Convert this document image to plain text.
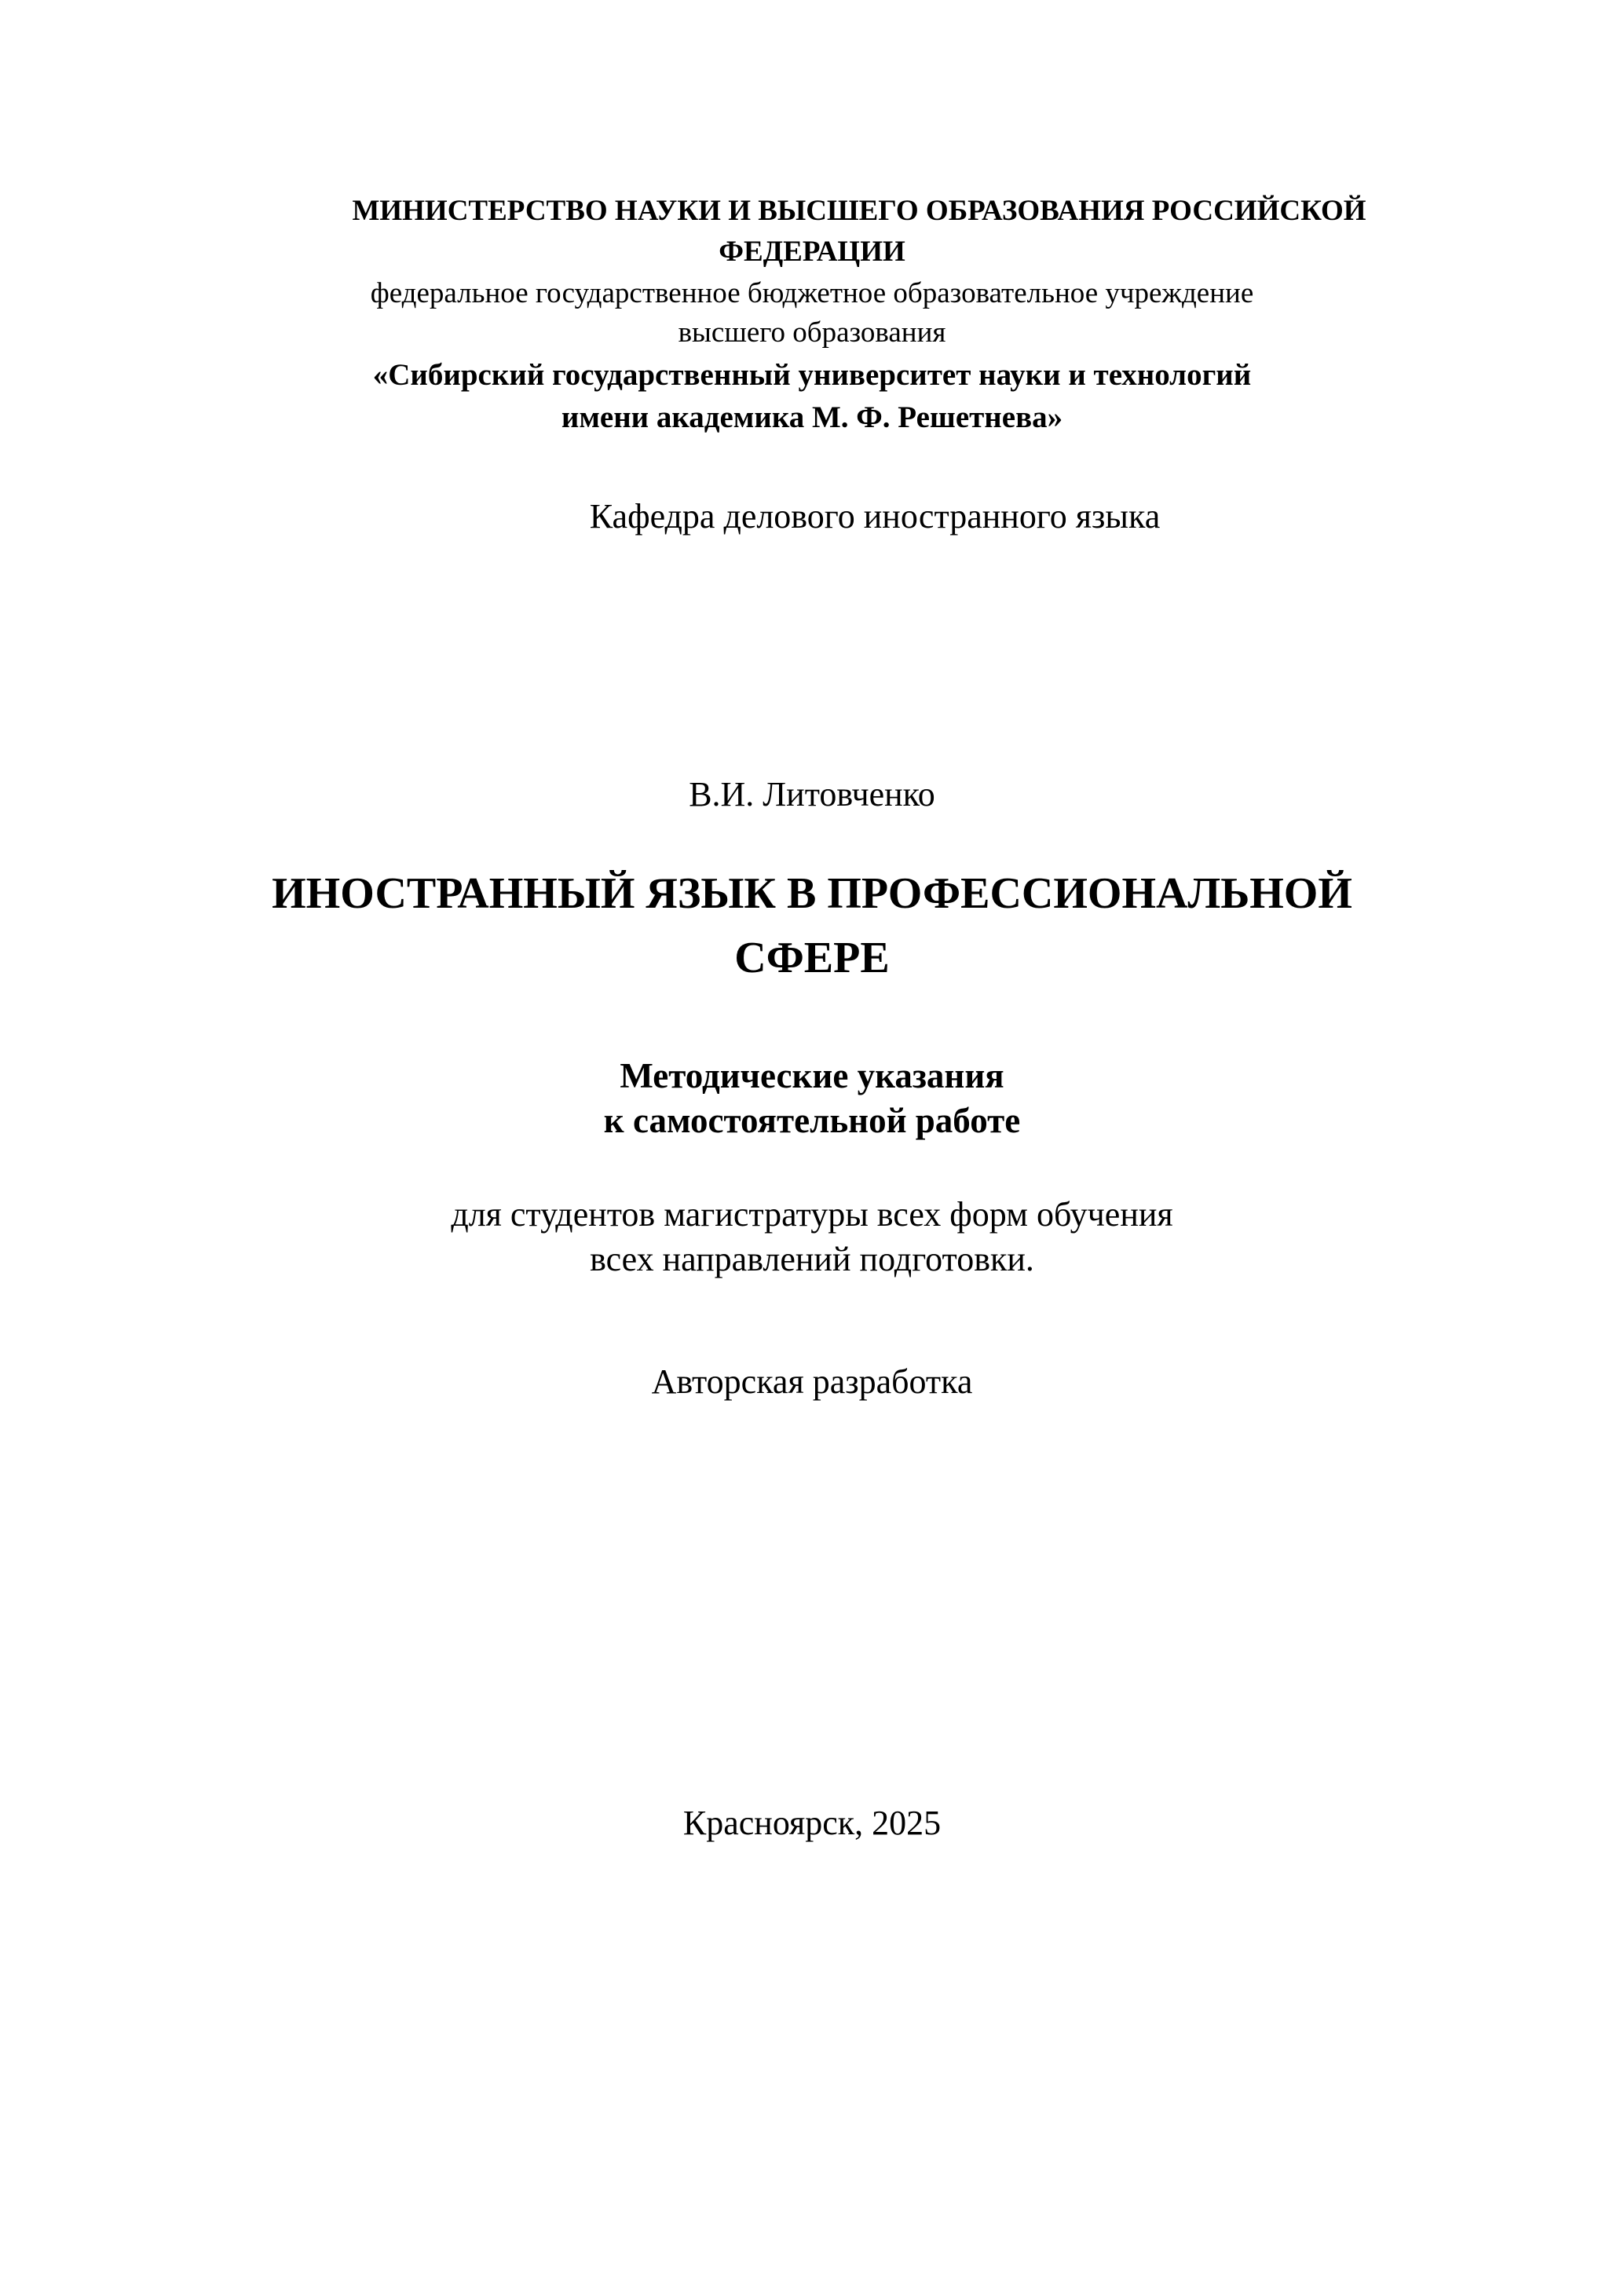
МИНИСТЕРСТВО НАУКИ И ВЫСШЕГО ОБРАЗОВАНИЯ РОССИЙСКОЙ
ФЕДЕРАЦИИ
федеральное государственное бюджетное образовательное учреждение
высшего образования
«Сибирский государственный университет науки и технологий
имени академика М. Ф. Решетнева»
Кафедра делового иностранного языка
В.И. Литовченко
ИНОСТРАННЫЙ ЯЗЫК В ПРОФЕССИОНАЛЬНОЙ
СФЕРЕ
Методические указания
к самостоятельной работе
для студентов магистратуры всех форм обучения
всех направлений подготовки.
Авторская разработка
Красноярск, 2025
